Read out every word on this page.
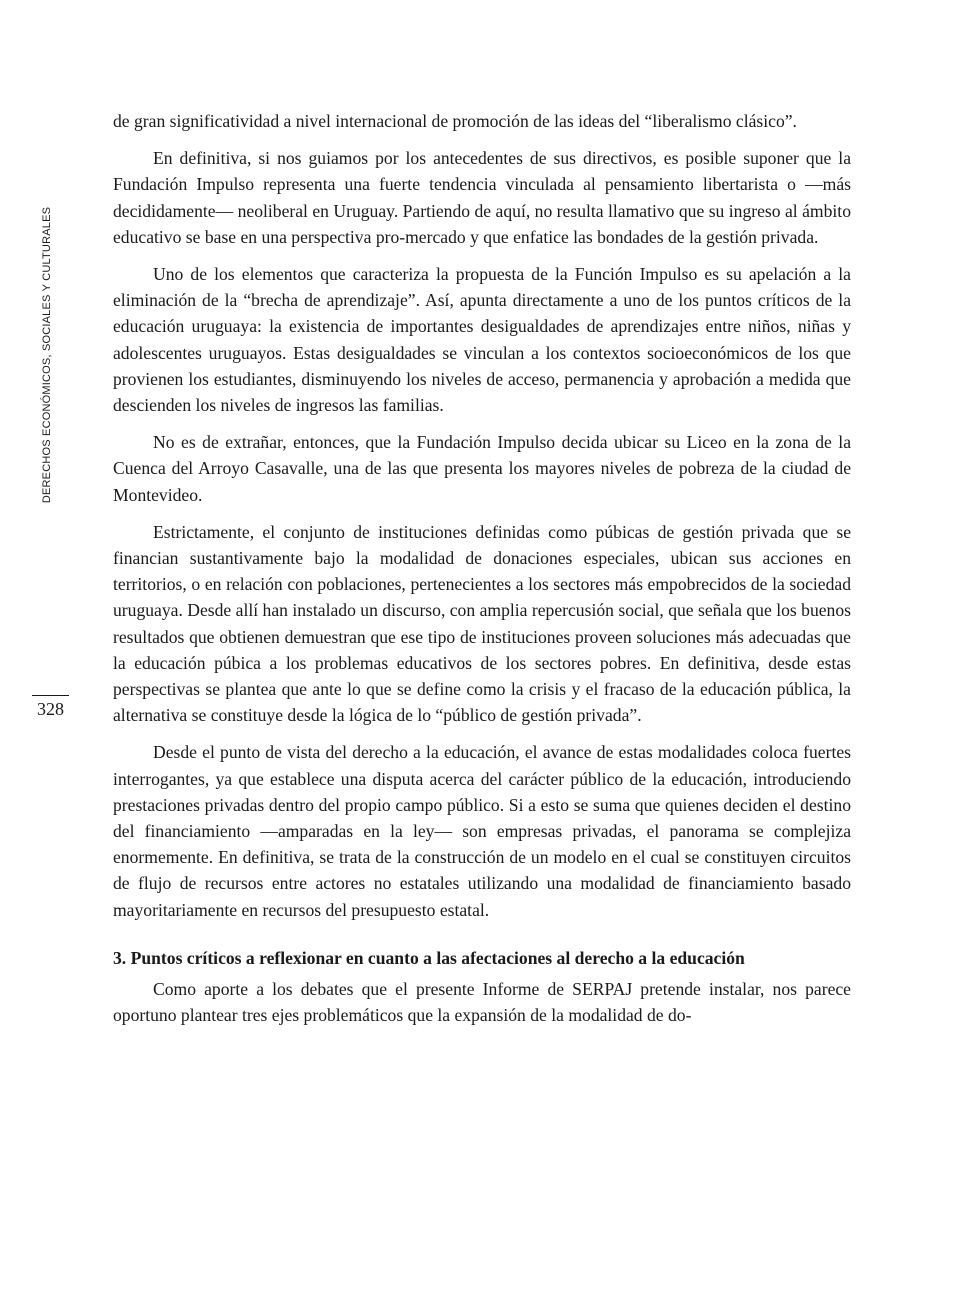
DERECHOS ECONÓMICOS, SOCIALES Y CULTURALES
328

de gran significatividad a nivel internacional de promoción de las ideas del “liberalismo clásico”.

En definitiva, si nos guiamos por los antecedentes de sus directivos, es posible suponer que la Fundación Impulso representa una fuerte tendencia vinculada al pensamiento libertarista o —más decididamente— neoliberal en Uruguay. Partiendo de aquí, no resulta llamativo que su ingreso al ámbito educativo se base en una perspectiva pro-mercado y que enfatice las bondades de la gestión privada.

Uno de los elementos que caracteriza la propuesta de la Función Impulso es su apelación a la eliminación de la “brecha de aprendizaje”. Así, apunta directamente a uno de los puntos críticos de la educación uruguaya: la existencia de importantes desigualdades de aprendizajes entre niños, niñas y adolescentes uruguayos. Estas desigualdades se vinculan a los contextos socioeconómicos de los que provienen los estudiantes, disminuyendo los niveles de acceso, permanencia y aprobación a medida que descienden los niveles de ingresos las familias.

No es de extrañar, entonces, que la Fundación Impulso decida ubicar su Liceo en la zona de la Cuenca del Arroyo Casavalle, una de las que presenta los mayores niveles de pobreza de la ciudad de Montevideo.

Estrictamente, el conjunto de instituciones definidas como púbicas de gestión privada que se financian sustantivamente bajo la modalidad de donaciones especiales, ubican sus acciones en territorios, o en relación con poblaciones, pertenecientes a los sectores más empobrecidos de la sociedad uruguaya. Desde allí han instalado un discurso, con amplia repercusión social, que señala que los buenos resultados que obtienen demuestran que ese tipo de instituciones proveen soluciones más adecuadas que la educación púbica a los problemas educativos de los sectores pobres. En definitiva, desde estas perspectivas se plantea que ante lo que se define como la crisis y el fracaso de la educación pública, la alternativa se constituye desde la lógica de lo “público de gestión privada”.

Desde el punto de vista del derecho a la educación, el avance de estas modalidades coloca fuertes interrogantes, ya que establece una disputa acerca del carácter público de la educación, introduciendo prestaciones privadas dentro del propio campo público. Si a esto se suma que quienes deciden el destino del financiamiento —amparadas en la ley— son empresas privadas, el panorama se complejiza enormemente. En definitiva, se trata de la construcción de un modelo en el cual se constituyen circuitos de flujo de recursos entre actores no estatales utilizando una modalidad de financiamiento basado mayoritariamente en recursos del presupuesto estatal.

3. Puntos críticos a reflexionar en cuanto a las afectaciones al derecho a la educación

Como aporte a los debates que el presente Informe de SERPAJ pretende instalar, nos parece oportuno plantear tres ejes problemáticos que la expansión de la modalidad de do-
